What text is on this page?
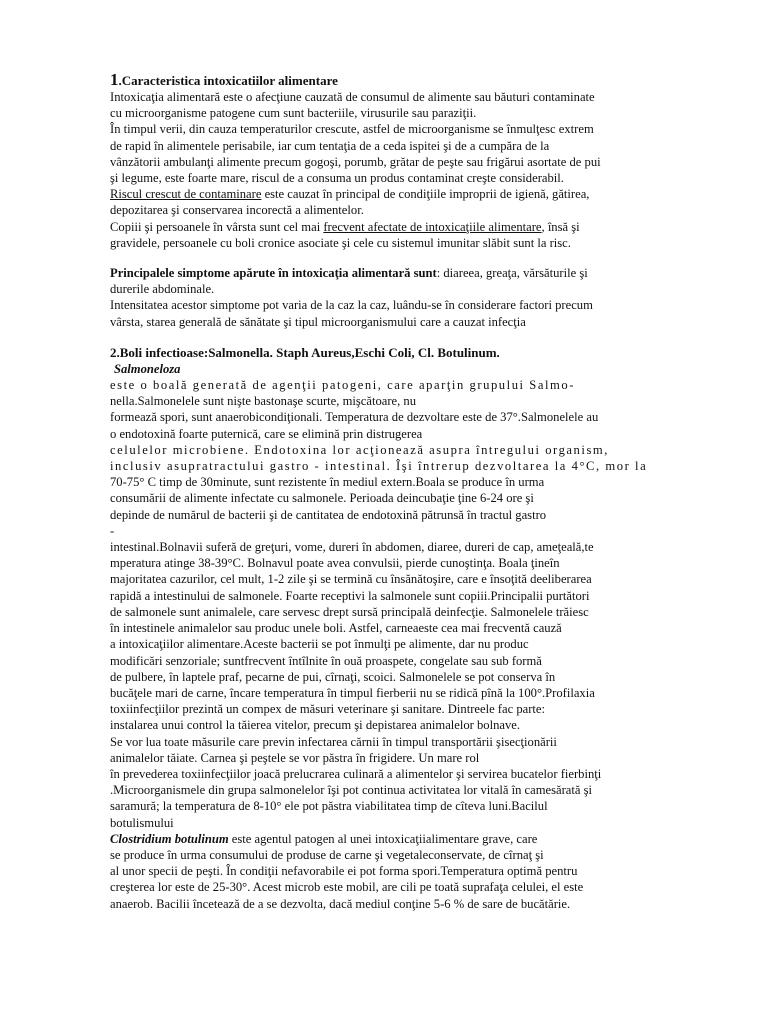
1.Caracteristica intoxicatiilor alimentare
Intoxicaţia alimentară este o afecţiune cauzată de consumul de alimente sau băuturi contaminate
cu microorganisme patogene cum sunt bacteriile, virusurile sau paraziţii.
În timpul verii, din cauza temperaturilor crescute, astfel de microorganisme se înmulţesc extrem
de rapid în alimentele perisabile, iar cum tentaţia de a ceda ispitei şi de a cumpăra de la
vânzătorii ambulanţi alimente precum gogoşi, porumb, grătar de peşte sau frigărui asortate de pui
şi legume, este foarte mare, riscul de a consuma un produs contaminat creşte considerabil.
Riscul crescut de contaminare este cauzat în principal de condiţiile improprii de igienă, gătirea,
depozitarea şi conservarea incorectă a alimentelor.
Copiii şi persoanele în vârsta sunt cel mai frecvent afectate de intoxicaţiile alimentare, însă şi
gravidele, persoanele cu boli cronice asociate şi cele cu sistemul imunitar slăbit sunt la risc.
Principalele simptome apărute în intoxicaţia alimentară sunt: diareea, greaţa, vărsăturile şi
durerile abdominale.
Intensitatea acestor simptome pot varia de la caz la caz, luându-se în considerare factori precum
vârsta, starea generală de sănătate şi tipul microorganismului care a cauzat infecţia
2.Boli infectioase:Salmonella. Staph Aureus,Eschi Coli, Cl. Botulinum.
Salmoneloza
este o boală generată de agenţii patogeni, care aparţin grupului Salmo-
nella.Salmonelele sunt nişte bastonaşe scurte, mişcătoare, nu
formează spori, sunt anaerobicondiţionali. Temperatura de dezvoltare este de 37°.Salmonelele au
o endotoxină foarte puternică, care se elimină prin distrugerea
celulelor microbiene. Endotoxina lor acţionează asupra întregului organism,
inclusiv asupratractului gastro - intestinal. Îşi întrerup dezvoltarea la 4°C, mor la
70-75° C timp de 30minute, sunt rezistente în mediul extern.Boala se produce în urma
consumării de alimente infectate cu salmonele. Perioada deincubaţie ţine 6-24 ore şi
depinde de numărul de bacterii şi de cantitatea de endotoxină pătrunsă în tractul gastro
-
intestinal.Bolnavii suferă de greţuri, vome, dureri în abdomen, diaree, dureri de cap, ameţeală,te
mperatura atinge 38-39°C. Bolnavul poate avea convulsii, pierde cunoştinţa. Boala ţineîn
majoritatea cazurilor, cel mult, 1-2 zile şi se termină cu însănătoşire, care e însoţită deeliberarea
rapidă a intestinului de salmonele. Foarte receptivi la salmonele sunt copiii.Principalii purtători
de salmonele sunt animalele, care servesc drept sursă principală deinfecţie. Salmonelele trăiesc
în intestinele animalelor sau produc unele boli. Astfel, carneaeste cea mai frecventă cauză
a intoxicaţiilor alimentare.Aceste bacterii se pot înmulţi pe alimente, dar nu produc
modificări senzoriale; suntfrecvent întîlnite în ouă proaspete, congelate sau sub formă
de pulbere, în laptele praf, pecarne de pui, cîrnaţi, scoici. Salmonelele se pot conserva în
bucăţele mari de carne, încare temperatura în timpul fierberii nu se ridică pînă la 100°.Profilaxia
toxiinfecţiilor prezintă un compex de măsuri veterinare şi sanitare. Dintreele fac parte:
instalarea unui control la tăierea vitelor, precum şi depistarea animalelor bolnave.
Se vor lua toate măsurile care previn infectarea cărnii în timpul transportării şisecţionării
animalelor tăiate. Carnea şi peştele se vor păstra în frigidere. Un mare rol
în prevederea toxiinfecţiilor joacă prelucrarea culinară a alimentelor şi servirea bucatelor fierbinţi
.Microorganismele din grupa salmonelelor îşi pot continua activitatea lor vitală în camesărată şi
saramură; la temperatura de 8-10° ele pot păstra viabilitatea timp de cîteva luni.Bacilul
botulismului
Clostridium botulinum este agentul patogen al unei intoxicaţiialimentare grave, care
se produce în urma consumului de produse de carne şi vegetaleconservate, de cîrnaţ şi
al unor specii de peşti. În condiţii nefavorabile ei pot forma spori.Temperatura optimă pentru
creşterea lor este de 25-30°. Acest microb este mobil, are cili pe toată suprafaţa celulei, el este
anaerob. Bacilii încetează de a se dezvolta, dacă mediul conţine 5-6 % de sare de bucătărie.
